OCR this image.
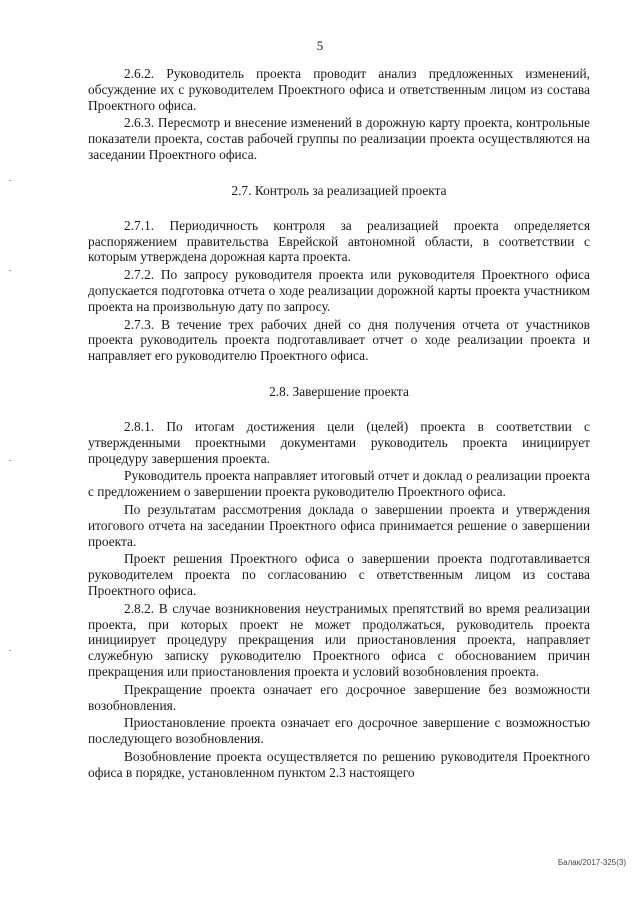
5

2.6.2. Руководитель проекта проводит анализ предложенных изменений, обсуждение их с руководителем Проектного офиса и ответственным лицом из состава Проектного офиса.

2.6.3. Пересмотр и внесение изменений в дорожную карту проекта, контрольные показатели проекта, состав рабочей группы по реализации проекта осуществляются на заседании Проектного офиса.

2.7. Контроль за реализацией проекта

2.7.1. Периодичность контроля за реализацией проекта определяется распоряжением правительства Еврейской автономной области, в соответствии с которым утверждена дорожная карта проекта.

2.7.2. По запросу руководителя проекта или руководителя Проектного офиса допускается подготовка отчета о ходе реализации дорожной карты проекта участником проекта на произвольную дату по запросу.

2.7.3. В течение трех рабочих дней со дня получения отчета от участников проекта руководитель проекта подготавливает отчет о ходе реализации проекта и направляет его руководителю Проектного офиса.

2.8. Завершение проекта

2.8.1. По итогам достижения цели (целей) проекта в соответствии с утвержденными проектными документами руководитель проекта инициирует процедуру завершения проекта.

Руководитель проекта направляет итоговый отчет и доклад о реализации проекта с предложением о завершении проекта руководителю Проектного офиса.

По результатам рассмотрения доклада о завершении проекта и утверждения итогового отчета на заседании Проектного офиса принимается решение о завершении проекта.

Проект решения Проектного офиса о завершении проекта подготавливается руководителем проекта по согласованию с ответственным лицом из состава Проектного офиса.

2.8.2. В случае возникновения неустранимых препятствий во время реализации проекта, при которых проект не может продолжаться, руководитель проекта инициирует процедуру прекращения или приостановления проекта, направляет служебную записку руководителю Проектного офиса с обоснованием причин прекращения или приостановления проекта и условий возобновления проекта.

Прекращение проекта означает его досрочное завершение без возможности возобновления.

Приостановление проекта означает его досрочное завершение с возможностью последующего возобновления.

Возобновление проекта осуществляется по решению руководителя Проектного офиса в порядке, установленном пунктом 2.3 настоящего

Балак/2017-325(3)
